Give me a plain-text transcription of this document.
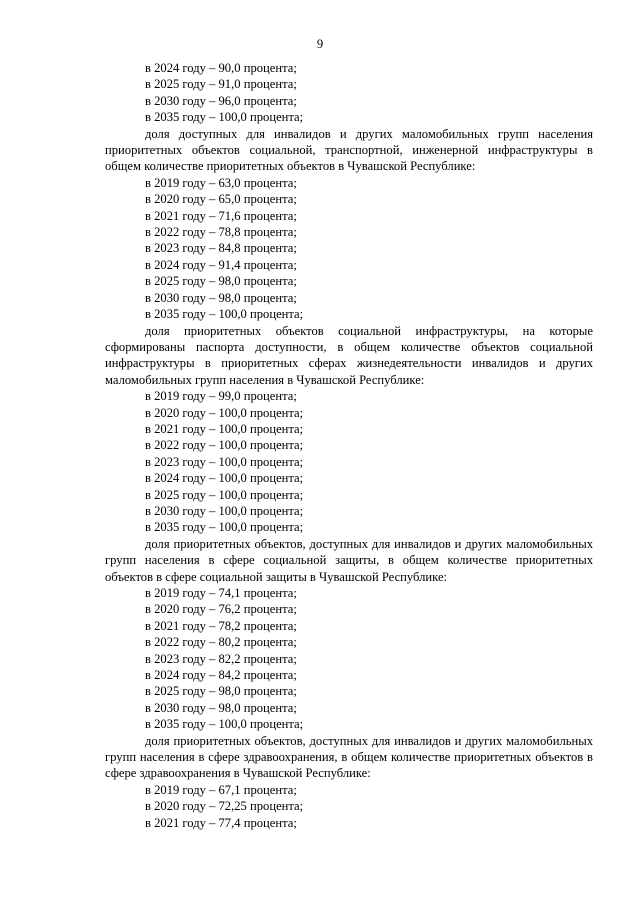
9
в 2024 году – 90,0 процента;
в 2025 году – 91,0 процента;
в 2030 году – 96,0 процента;
в 2035 году – 100,0 процента;
доля доступных для инвалидов и других маломобильных групп населения приоритетных объектов социальной, транспортной, инженерной инфраструктуры в общем количестве приоритетных объектов в Чувашской Республике:
в 2019 году – 63,0 процента;
в 2020 году – 65,0 процента;
в 2021 году – 71,6 процента;
в 2022 году – 78,8 процента;
в 2023 году – 84,8 процента;
в 2024 году – 91,4 процента;
в 2025 году – 98,0 процента;
в 2030 году – 98,0 процента;
в 2035 году – 100,0 процента;
доля приоритетных объектов социальной инфраструктуры, на которые сформированы паспорта доступности, в общем количестве объектов социальной инфраструктуры в приоритетных сферах жизнедеятельности инвалидов и других маломобильных групп населения в Чувашской Республике:
в 2019 году – 99,0 процента;
в 2020 году – 100,0 процента;
в 2021 году – 100,0 процента;
в 2022 году – 100,0 процента;
в 2023 году – 100,0 процента;
в 2024 году – 100,0 процента;
в 2025 году – 100,0 процента;
в 2030 году – 100,0 процента;
в 2035 году – 100,0 процента;
доля приоритетных объектов, доступных для инвалидов и других маломобильных групп населения в сфере социальной защиты, в общем количестве приоритетных объектов в сфере социальной защиты в Чувашской Республике:
в 2019 году – 74,1 процента;
в 2020 году – 76,2 процента;
в 2021 году – 78,2 процента;
в 2022 году – 80,2 процента;
в 2023 году – 82,2 процента;
в 2024 году – 84,2 процента;
в 2025 году – 98,0 процента;
в 2030 году – 98,0 процента;
в 2035 году – 100,0 процента;
доля приоритетных объектов, доступных для инвалидов и других маломобильных групп населения в сфере здравоохранения, в общем количестве приоритетных объектов в сфере здравоохранения в Чувашской Республике:
в 2019 году – 67,1 процента;
в 2020 году – 72,25 процента;
в 2021 году – 77,4 процента;
